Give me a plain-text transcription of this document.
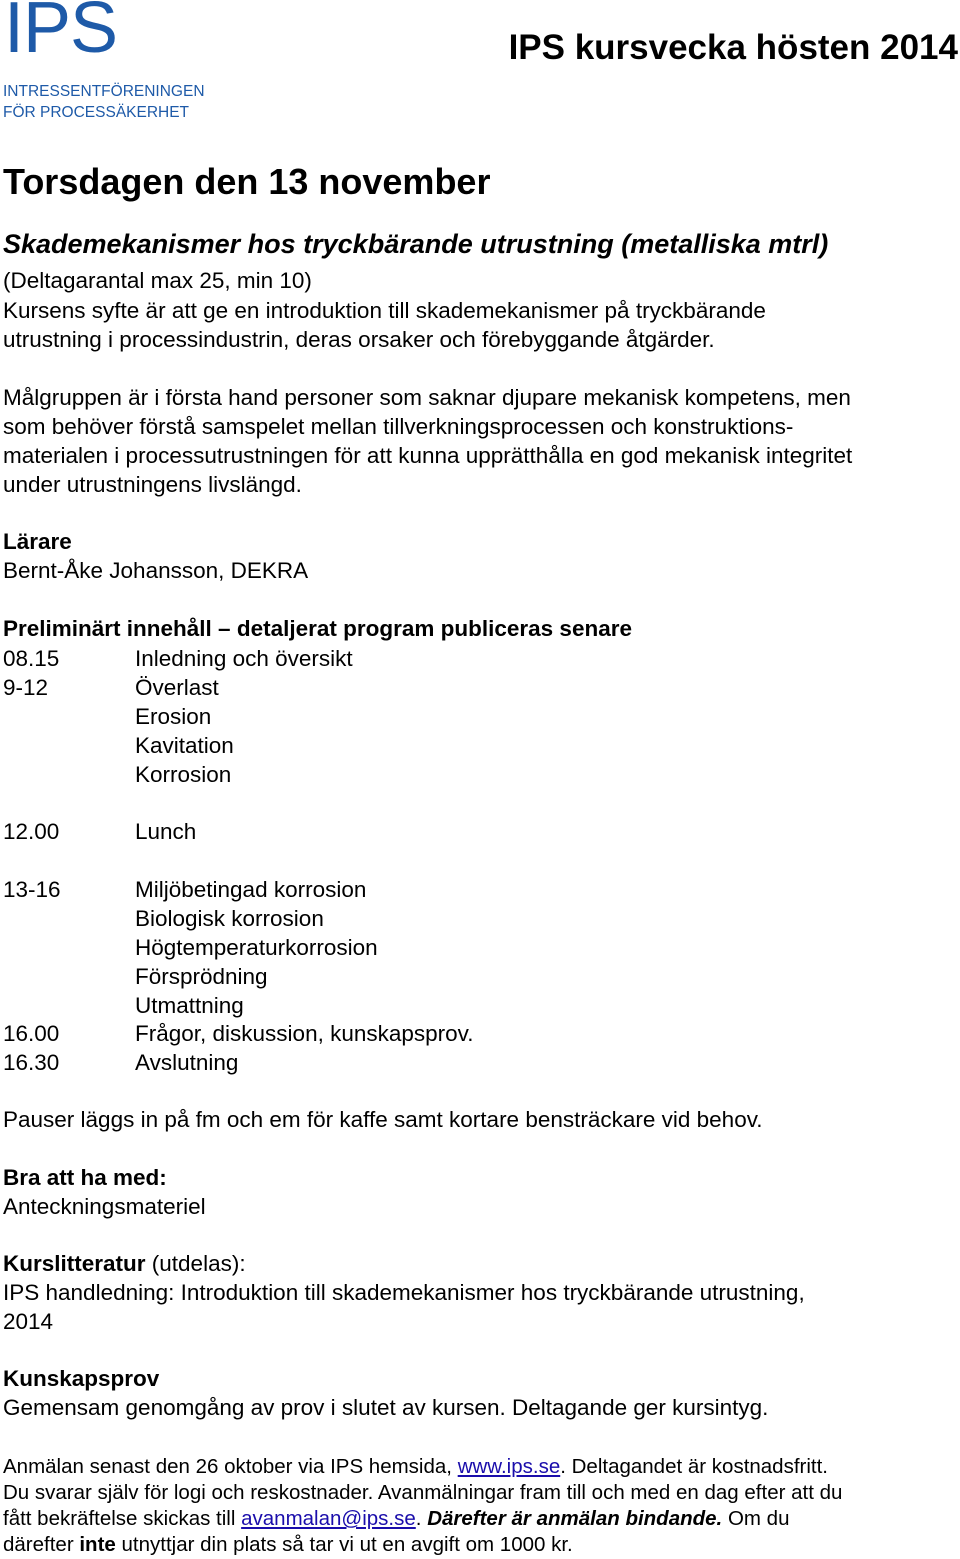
IPS
INTRESSENTFÖRENINGEN
FÖR PROCESSÄKERHET
IPS kursvecka hösten 2014
Torsdagen den 13 november
Skademekanismer hos tryckbärande utrustning (metalliska mtrl)
(Deltagarantal max 25, min 10)
Kursens syfte är att ge en introduktion till skademekanismer på tryckbärande
utrustning i processindustrin, deras orsaker och förebyggande åtgärder.
Målgruppen är i första hand personer som saknar djupare mekanisk kompetens, men
som behöver förstå samspelet mellan tillverkningsprocessen och konstruktions-
materialen i processutrustningen för att kunna upprätthålla en god mekanisk integritet
under utrustningens livslängd.
Lärare
Bernt-Åke Johansson, DEKRA
Preliminärt innehåll – detaljerat program publiceras senare
08.15	Inledning och översikt
9-12	Överlast
Erosion
Kavitation
Korrosion
12.00	Lunch
13-16	Miljöbetingad korrosion
Biologisk korrosion
Högtemperaturkorrosion
Försprödning
Utmattning
16.00	Frågor, diskussion, kunskapsprov.
16.30	Avslutning
Pauser läggs in på fm och em för kaffe samt kortare bensträckare vid behov.
Bra att ha med:
Anteckningsmateriel
Kurslitteratur (utdelas):
IPS handledning: Introduktion till skademekanismer hos tryckbärande utrustning,
2014
Kunskapsprov
Gemensam genomgång av prov i slutet av kursen. Deltagande ger kursintyg.
Anmälan senast den 26 oktober via IPS hemsida, www.ips.se. Deltagandet är kostnadsfritt.
Du svarar själv för logi och reskostnader. Avanmälningar fram till och med en dag efter att du
fått bekräftelse skickas till avanmalan@ips.se. Därefter är anmälan bindande. Om du
därefter inte utnyttjar din plats så tar vi ut en avgift om 1000 kr.
